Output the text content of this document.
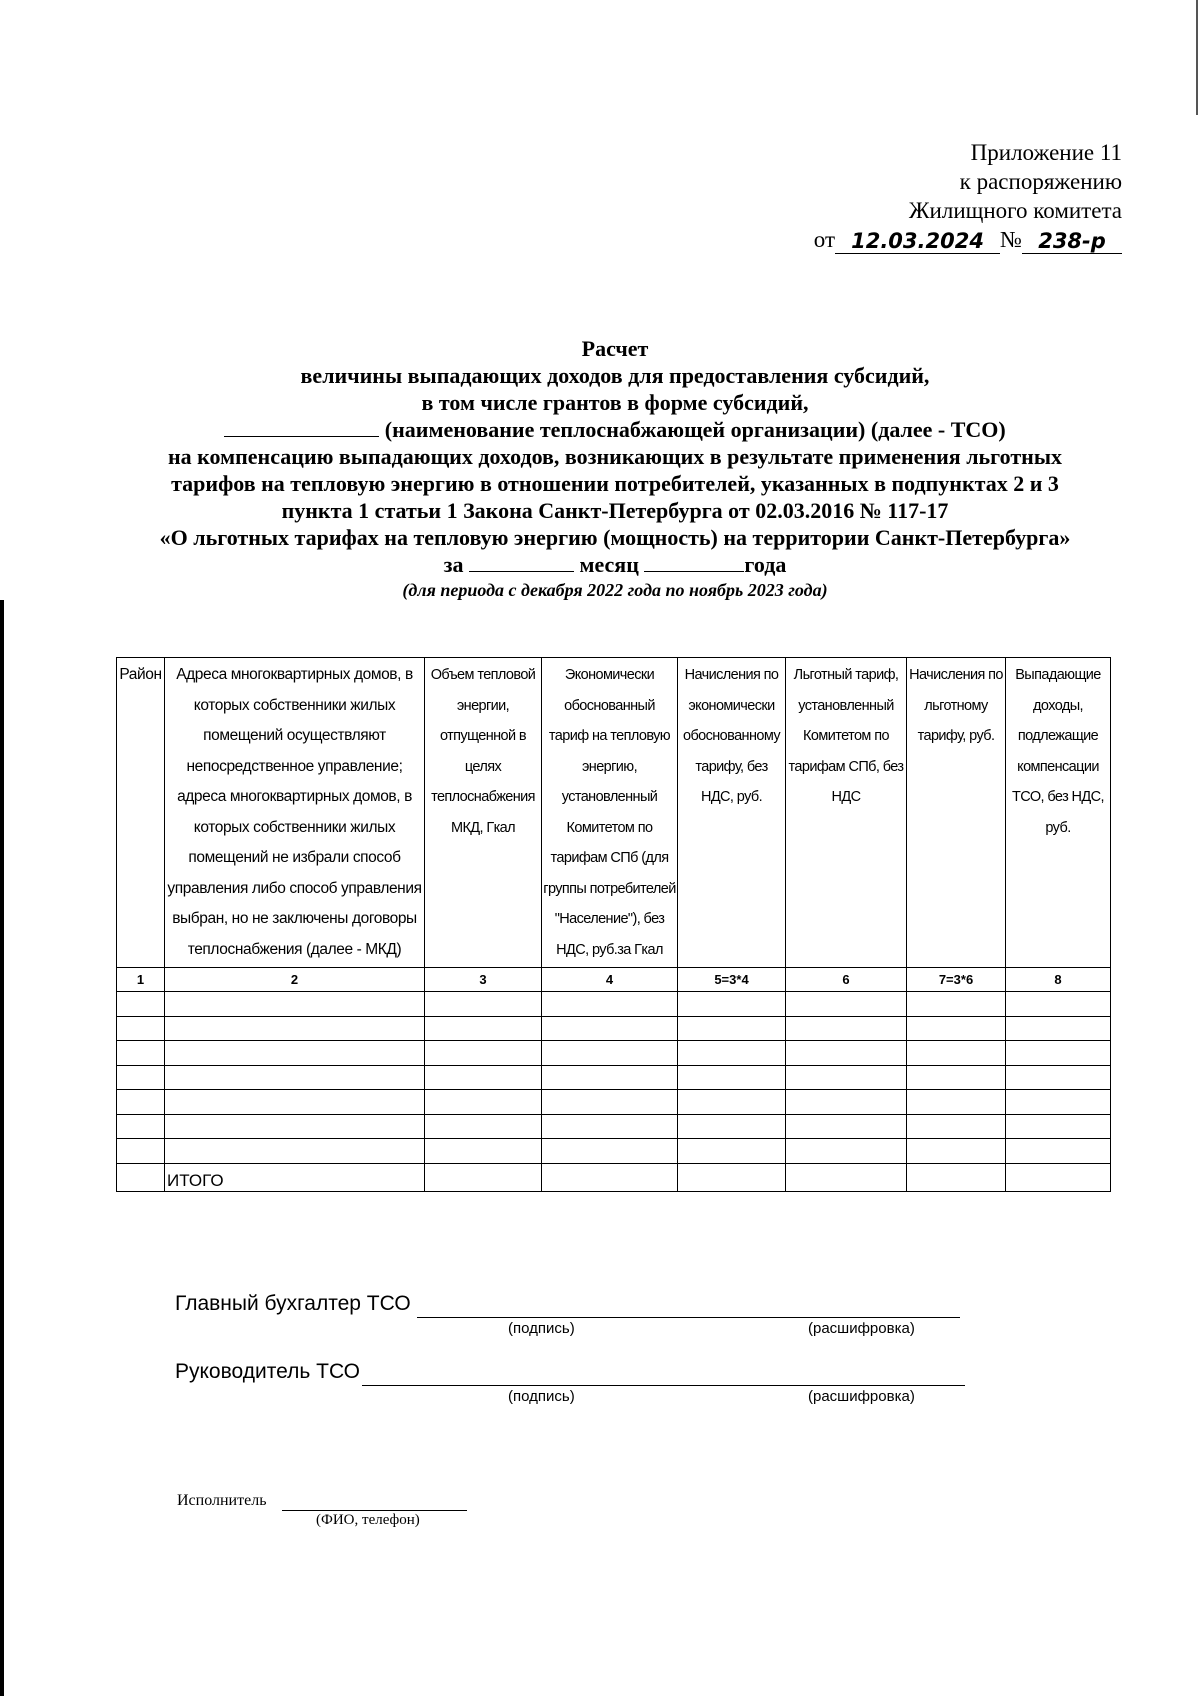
Приложение 11
к распоряжению
Жилищного комитета
от 12.03.2024 № 238-р
Расчет
величины выпадающих доходов для предоставления субсидий,
в том числе грантов в форме субсидий,
(наименование теплоснабжающей организации) (далее - ТСО)
на компенсацию выпадающих доходов, возникающих в результате применения льготных
тарифов на тепловую энергию в отношении потребителей, указанных в подпунктах 2 и 3
пункта 1 статьи 1 Закона Санкт-Петербурга от 02.03.2016 № 117-17
«О льготных тарифах на тепловую энергию (мощность) на территории Санкт-Петербурга»
за	месяц	года
(для периода с декабря 2022 года по ноябрь 2023 года)
Район	Адреса многоквартирных домов, в которых собственники жилых помещений осуществляют непосредственное управление; адреса многоквартирных домов, в которых собственники жилых помещений не избрали способ управления либо способ управления выбран, но не заключены договоры теплоснабжения (далее - МКД)	Объем тепловой энергии, отпущенной в целях теплоснабжения МКД, Гкал	Экономически обоснованный тариф на тепловую энергию, установленный Комитетом по тарифам СПб (для группы потребителей "Население"), без НДС, руб.за Гкал	Начисления по экономически обоснованному тарифу, без НДС, руб.	Льготный тариф, установленный Комитетом по тарифам СПб, без НДС	Начисления по льготному тарифу, руб.	Выпадающие доходы, подлежащие компенсации ТСО, без НДС, руб.
1	2	3	4	5=3*4	6	7=3*6	8

	ИТОГО						
Главный бухгалтер ТСО
(подпись)	(расшифровка)
Руководитель ТСО
(подпись)	(расшифровка)
Исполнитель
(ФИО, телефон)
